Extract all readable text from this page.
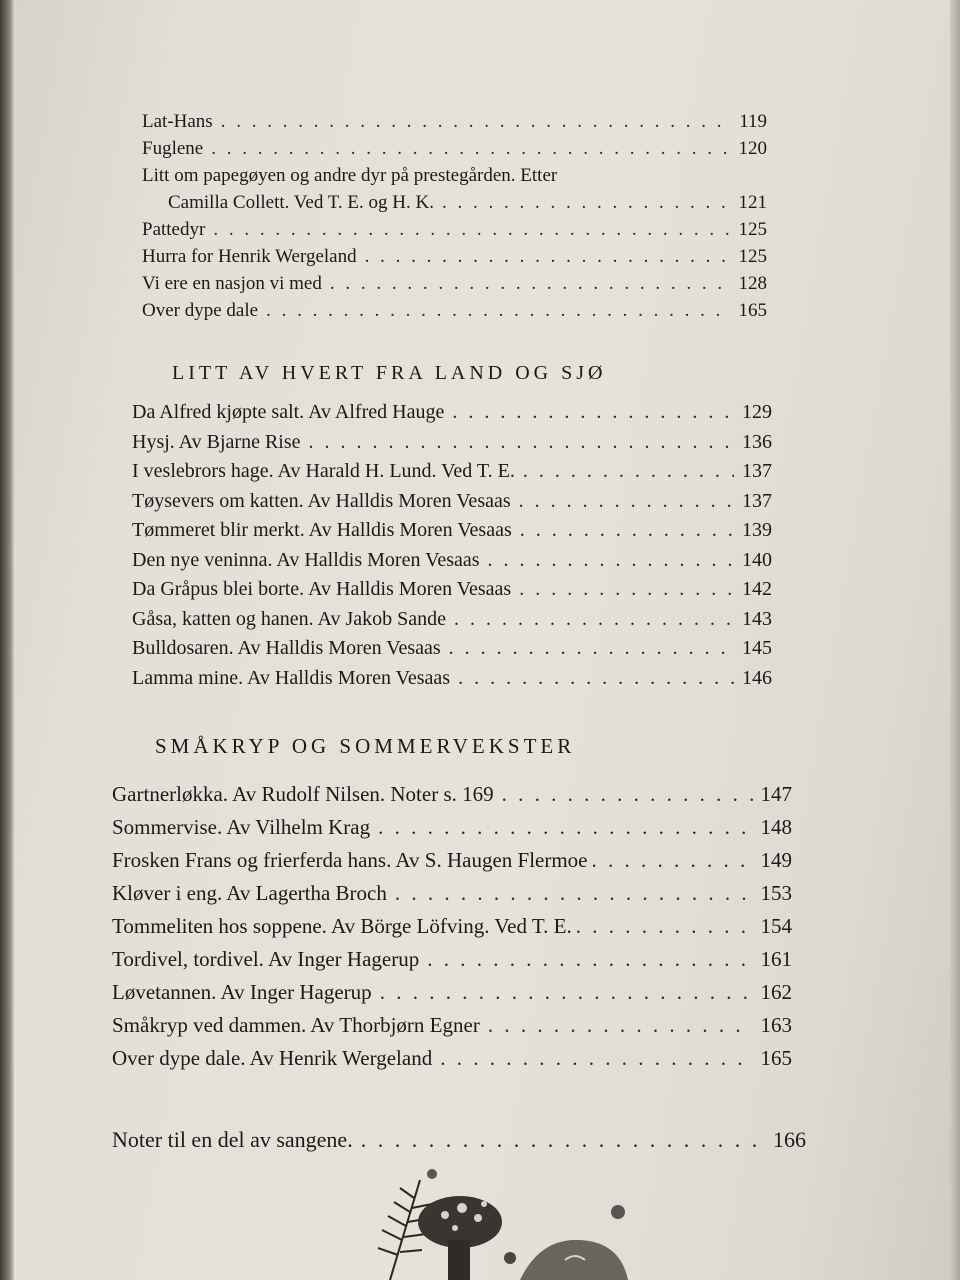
Lat-Hans . . .	119
Fuglene . . .	120
Litt om papegøyen og andre dyr på prestegården. Etter
Camilla Collett. Ved T. E. og H. K. . . .	121
Pattedyr . . .	125
Hurra for Henrik Wergeland . . .	125
Vi ere en nasjon vi med . . .	128
Over dype dale . . .	165
LITT AV HVERT FRA LAND OG SJØ
Da Alfred kjøpte salt. Av Alfred Hauge . . .	129
Hysj. Av Bjarne Rise . . .	136
I veslebrors hage. Av Harald H. Lund. Ved T. E. . . .	137
Tøysevers om katten. Av Halldis Moren Vesaas . . .	137
Tømmeret blir merkt. Av Halldis Moren Vesaas . . .	139
Den nye veninna. Av Halldis Moren Vesaas . . .	140
Da Gråpus blei borte. Av Halldis Moren Vesaas . . .	142
Gåsa, katten og hanen. Av Jakob Sande . . .	143
Bulldosaren. Av Halldis Moren Vesaas . . .	145
Lamma mine. Av Halldis Moren Vesaas . . .	146
SMÅKRYP OG SOMMERVEKSTER
Gartnerløkka. Av Rudolf Nilsen. Noter s. 169 . . .	147
Sommervise. Av Vilhelm Krag . . .	148
Frosken Frans og frierferda hans. Av S. Haugen Flermoe . . .	149
Kløver i eng. Av Lagertha Broch . . .	153
Tommeliten hos soppene. Av Börge Löfving. Ved T. E. . . .	154
Tordivel, tordivel. Av Inger Hagerup . . .	161
Løvetannen. Av Inger Hagerup . . .	162
Småkryp ved dammen. Av Thorbjørn Egner . . .	163
Over dype dale. Av Henrik Wergeland . . .	165
Noter til en del av sangene. . . .	166
